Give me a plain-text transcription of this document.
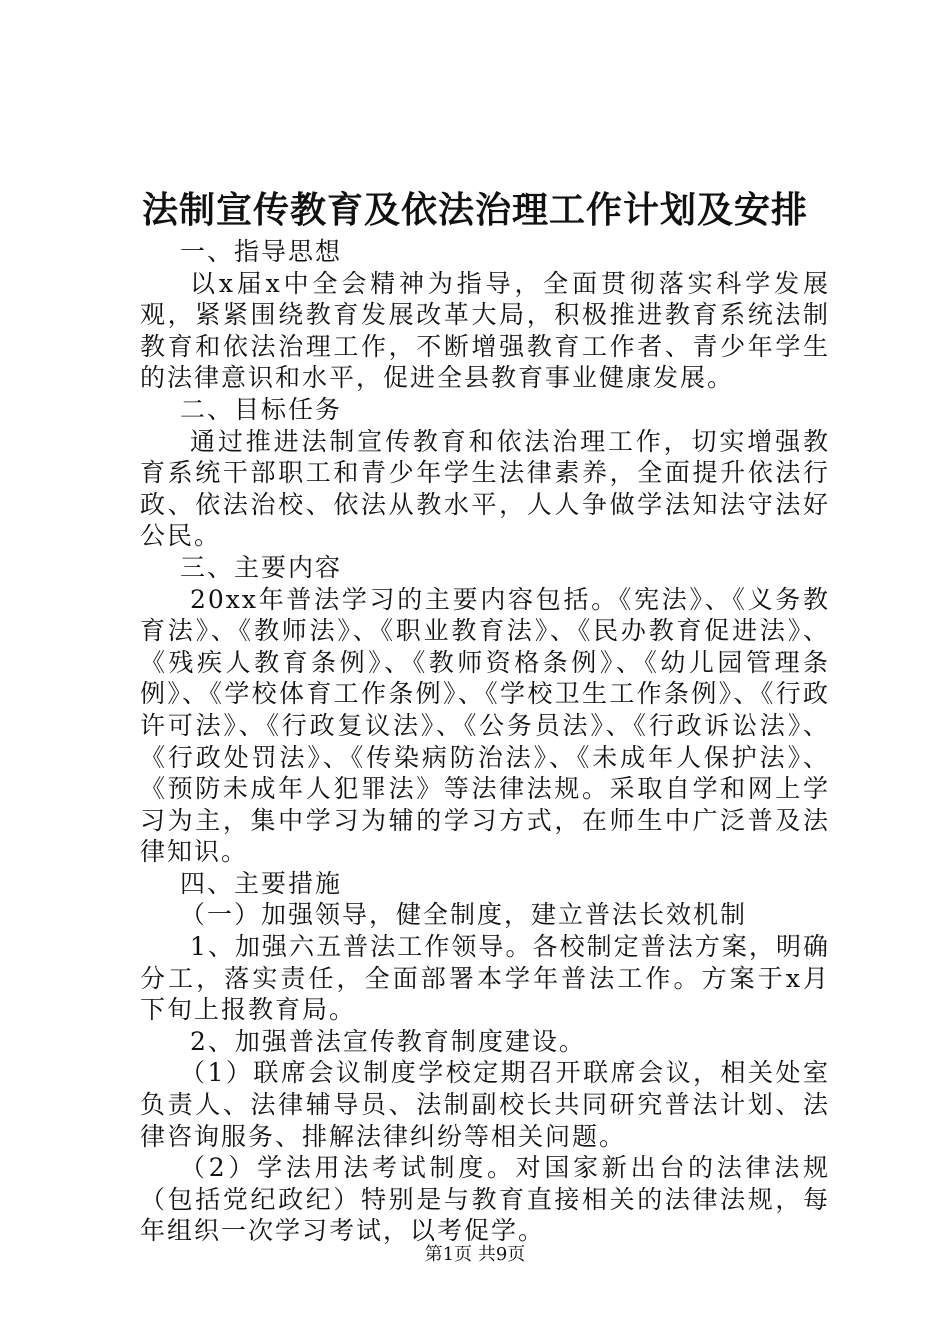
法制宣传教育及依法治理工作计划及安排

一、指导思想

以x届x中全会精神为指导，全面贯彻落实科学发展观，紧紧围绕教育发展改革大局，积极推进教育系统法制教育和依法治理工作，不断增强教育工作者、青少年学生的法律意识和水平，促进全县教育事业健康发展。

二、目标任务

通过推进法制宣传教育和依法治理工作，切实增强教育系统干部职工和青少年学生法律素养，全面提升依法行政、依法治校、依法从教水平，人人争做学法知法守法好公民。

三、主要内容

20xx年普法学习的主要内容包括。《宪法》、《义务教育法》、《教师法》、《职业教育法》、《民办教育促进法》、《残疾人教育条例》、《教师资格条例》、《幼儿园管理条例》、《学校体育工作条例》、《学校卫生工作条例》、《行政许可法》、《行政复议法》、《公务员法》、《行政诉讼法》、《行政处罚法》、《传染病防治法》、《未成年人保护法》、《预防未成年人犯罪法》等法律法规。采取自学和网上学习为主，集中学习为辅的学习方式，在师生中广泛普及法律知识。

四、主要措施

（一）加强领导，健全制度，建立普法长效机制

1、加强六五普法工作领导。各校制定普法方案，明确分工，落实责任，全面部署本学年普法工作。方案于x月下旬上报教育局。

2、加强普法宣传教育制度建设。

（1）联席会议制度学校定期召开联席会议，相关处室负责人、法律辅导员、法制副校长共同研究普法计划、法律咨询服务、排解法律纠纷等相关问题。

（2）学法用法考试制度。对国家新出台的法律法规（包括党纪政纪）特别是与教育直接相关的法律法规，每年组织一次学习考试，以考促学。

第1页 共9页
